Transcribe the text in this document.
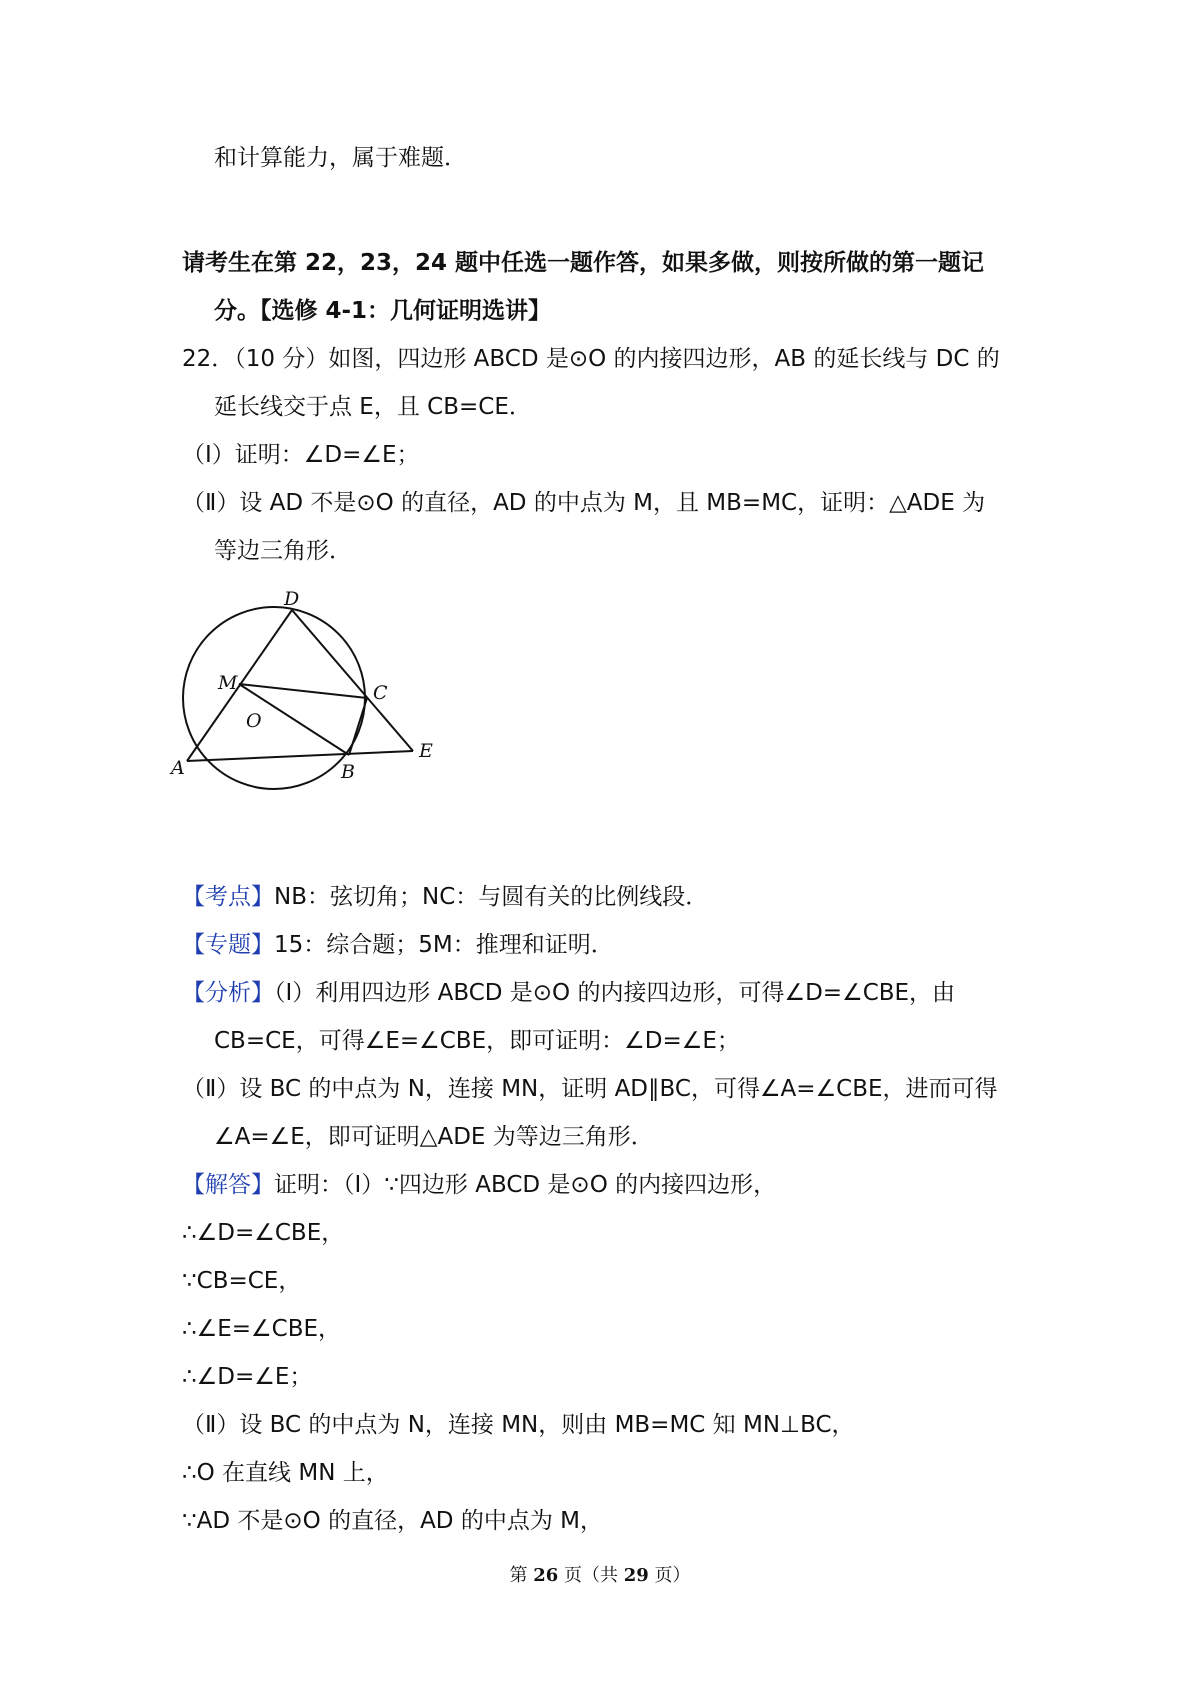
和计算能力，属于难题．
请考生在第 22，23，24 题中任选一题作答，如果多做，则按所做的第一题记
分。【选修 4-1：几何证明选讲】
22．（10 分）如图，四边形 ABCD 是⊙O 的内接四边形，AB 的延长线与 DC 的
延长线交于点 E，且 CB=CE．
（Ⅰ）证明：∠D=∠E；
（Ⅱ）设 AD 不是⊙O 的直径，AD 的中点为 M，且 MB=MC，证明：△ADE 为
等边三角形．
D
M	C
O
A	B
E
【考点】NB：弦切角；NC：与圆有关的比例线段．
【专题】15：综合题；5M：推理和证明．
【分析】（Ⅰ）利用四边形 ABCD 是⊙O 的内接四边形，可得∠D=∠CBE，由
CB=CE，可得∠E=∠CBE，即可证明：∠D=∠E；
（Ⅱ）设 BC 的中点为 N，连接 MN，证明 AD∥BC，可得∠A=∠CBE，进而可得
∠A=∠E，即可证明△ADE 为等边三角形．
【解答】证明：（Ⅰ）∵四边形 ABCD 是⊙O 的内接四边形，
∴∠D=∠CBE，
∵CB=CE，
∴∠E=∠CBE，
∴∠D=∠E；
（Ⅱ）设 BC 的中点为 N，连接 MN，则由 MB=MC 知 MN⊥BC，
∴O 在直线 MN 上，
∵AD 不是⊙O 的直径，AD 的中点为 M，
第 26 页（共 29 页）
